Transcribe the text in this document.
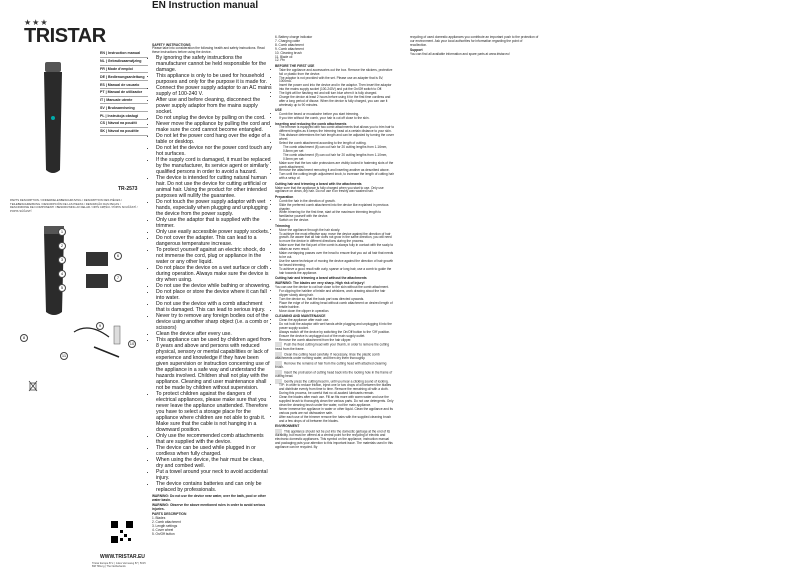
★★★
TRISTAR
EN | Instruction manual
NL | Gebruiksaanwijzing
FR | Mode d'emploi
DE | Bedienungsanleitung
ES | Manual de usuario
PT | Manual de utilizador
IT | Manuale utente
SV | Bruksanvisning
PL | Instrukcja obsługi
CS | Návod na použití
SK | Návod na použitie
TR-2573
PARTS DESCRIPTION / ONDERDELENBESCHRIJVING / DESCRIPTION DES PIÈCES / TEILEBESCHREIBUNG / DESCRIPCIÓN DE LAS PIEZAS / DESCRIÇÃO DAS PEÇAS / DESCRIZIONE DEI COMPONENTI / BESKRIVNING AV DELAR / OPIS CZĘŚCI / POPIS SOUČÁSTÍ / POPIS SÚČASTÍ
1
2
3
4
5
6
7
8
9
10
11
WWW.TRISTAR.EU
Tristar Europe B.V. | Jules Verneweg 87 | 5015 BM Tilburg | The Netherlands
EN Instruction manual
SAFETY INSTRUCTIONS
Please take into consideration the following health and safety instructions. Read these instructions before using the device.
• By ignoring the safety instructions the manufacturer cannot be held responsible for the damage.
• This appliance is only to be used for household purposes and only for the purpose it is made for.
• Connect the power supply adaptor to an AC mains supply of 100-240 V.
• After use and before cleaning, disconnect the power supply adaptor from the mains supply socket.
• Do not unplug the device by pulling on the cord.
• Never move the appliance by pulling the cord and make sure the cord cannot become entangled.
• Do not let the power cord hang over the edge of a table or desktop.
• Do not let the device nor the power cord touch any hot surfaces.
• If the supply cord is damaged, it must be replaced by the manufacturer, its service agent or similarly qualified persons in order to avoid a hazard.
• The device is intended for cutting natural human hair. Do not use the device for cutting artificial or animal hair. Using the product for other intended purposes will nullify the guarantee.
• Do not touch the power supply adaptor with wet hands, especially when plugging and unplugging the device from the power supply.
• Only use the adaptor that is supplied with the trimmer.
• Only use easily accessible power supply sockets.
• Do not cover the adapter. This can lead to a dangerous temperature increase.
• To protect yourself against an electric shock, do not immerse the cord, plug or appliance in the water or any other liquid.
• Do not place the device on a wet surface or cloth during operation. Always make sure the device is dry when using.
• Do not use the device while bathing or showering.
• Do not place or store the device where it can fall into water.
• Do not use the device with a comb attachment that is damaged. This can lead to serious injury.
• Never try to remove any foreign bodies out of the device using another sharp object (i.e. a comb or scissors)
• Clean the device after every use.
• This appliance can be used by children aged from 8 years and above and persons with reduced physical, sensory or mental capabilities or lack of experience and knowledge if they have been given supervision or instruction concerning use of the appliance in a safe way and understand the hazards involved. Children shall not play with the appliance. Cleaning and user maintenance shall not be made by children without supervision.
• To protect children against the dangers of electrical appliances, please make sure that you never leave the appliance unattended. Therefore you have to select a storage place for the appliance where children are not able to grab it. Make sure that the cable is not hanging in a downward position.
• Only use the recommended comb attachments that are supplied with the device.
• The device can be used while plugged in or cordless when fully charged.
• When using the device, the hair must be clean, dry and combed well.
• Put a towel around your neck to avoid accidental injury.
• The device contains batteries and can only be replaced by professionals.
WARNING: Do not use the device near water, over the bath, pool or other water basin.
WARNING: Observe the above mentioned rules in order to avoid serious injuries.
PARTS DESCRIPTION
1. Blades
2. Comb attachment
3. Length settings
4. Cover wheel
5. On/Off button
6. Battery charge indicator
7. Charging cable
8. Comb attachment
9. Comb attachment
10. Cleaning brush
11. Blade oil
12. Pin
BEFORE THE FIRST USE
• Take the appliance and accessories out the box. Remove the stickers, protective foil or plastic from the device.
• The adaptor is not provided with the set. Please use an adapter that is 5V, 1000mA.
• Insert the power cord into the device and in the adaptor. Then insert the adaptor into the mains supply socket (100-240V) and put the On/Off switch to Off.
• The light will be flashing red and will turn blue when it is fully charged.
• Charge the device at least 2 hours before using it for the first time cordless and after a long period of disuse. When the device is fully charged, you can use it wirelessly up to 90 minutes.
USE
• Comb the beard or moustache before you start trimming.
• If you trim without the comb, your hair is cut off close to the skin.
Inserting and reducing the comb attachments
• The trimmer is equipped with two comb attachments that allows you to trim hair to different lengths as it keeps the trimming head at a certain distance to your skin. This distance determines the hair length and can be adjusted by turning the cover wheel.
• Select the comb attachment according to the length of cutting.
The comb attachment (8) can cut hair for 20 cutting lengths from 1-16mm, 0.8mm per set
The comb attachment (9) can cut hair for 20 cutting lengths from 1-10mm, 0.5mm per set
• Make sure that the two side protrusions are visibly locked in fastening slots of the comb attachment.
• Remove the attachment removing it and inserting another as described above.
• Turn until the cutting length adjustment knob, to increase the length of cutting hair with a setup of.
Cutting hair and trimming a beard with the attachments
Make sure that the appliance is fully charged when you start to use. Only use appliance on clean, dry hair. Do not use it on freshly wax washed hair.
Preparation
• Comb the hair in the direction of growth.
• Slide the preferred comb attachment into the device like explained in previous chapter.
• When trimming for the first time, start at the maximum trimming length to familiarise yourself with the device.
• Switch on the device.
Trimming
• Move the appliance through the hair slowly.
• To achieve the most effective way, move the device against the direction of hair growth. Be aware that all hair does not grow in the same direction, you will need to move the device in different directions during the process.
• Make sure that the flat part of the comb is always fully in contact with the scalp to obtain an even result.
• Make overlapping passes over the head to ensure that you cut all hair that needs to be cut.
• Use the same technique of moving the device against the direction of hair growth for beard trimming.
• To achieve a good result with curly, sparse or long hair, use a comb to guide the hair towards the appliance.
Cutting hair and trimming a beard without the attachments
WARNING: The blades are very sharp. High risk of injury!
You can use the device to cut hair close to the skin without the comb attachment.
• For clipping the hairline of bristle and whiskers, work drawing about the hair clipper slowly along hair.
• Turn the device so, that the back part was directed upwards.
• Place the edge of the cutting head without comb attachment on desired length of bristle hairline.
• Move down the clipper in operation.
CLEANING AND MAINTENANCE
• Clean the appliance after each use.
• Do not hold the adaptor with wet hands while plugging and unplugging it into the power supply socket.
• Always switch off the device by switching the On/Off button to the 'Off' position. Ensure the device is unplugged out of the main supply outlet.
• Remove the comb attachment from the hair clipper.
Push the fixed cutting head with your thumb, in order to remove the cutting head from the frame.
Clean the cutting head carefully. If necessary, rinse the plastic comb attachments under running water, and then dry them thoroughly.
Remove the remains of hair from the cutting head with attached cleaning brush.
Insert the protrusion of cutting head back into the locking hole in the frame of cutting head.
Gently press the cutting head in, until you hear a clicking sound of locking.
• TIP: In order to reduce friction, inject one or two drops of oil between the blades and distribute evenly from time to time. Remove the remaining oil with a cloth. During this process, be careful that no oil-soaked lubricants remain.
• Clean the blades after each use. Fill an fits more with warm water and use the supplied brush to thoroughly clean the various parts. Do not use detergents. Only clean the cleaning brush under the water, not the main appliance.
• Never immerse the appliance in water or other liquid. Clean the appliance and its various parts are not dishwasher safe.
• After each use of the trimmer remove the hairs with the supplied cleaning brush and a few drops of oil between the blades.
ENVIRONMENT
This appliance should not be put into the domestic garbage at the end of its durability, but must be offered at a central point for the recycling of electric and electronic domestic appliances. This symbol on the appliance, instruction manual and packaging puts your attention to this important issue. The materials used in this appliance can be recycled. By
recycling of used domestic appliances you contribute an important push to the protection of our environment. Ask your local authorities for information regarding the point of recollection.
Support
You can find all available information and spare parts at www.tristar.eu!
